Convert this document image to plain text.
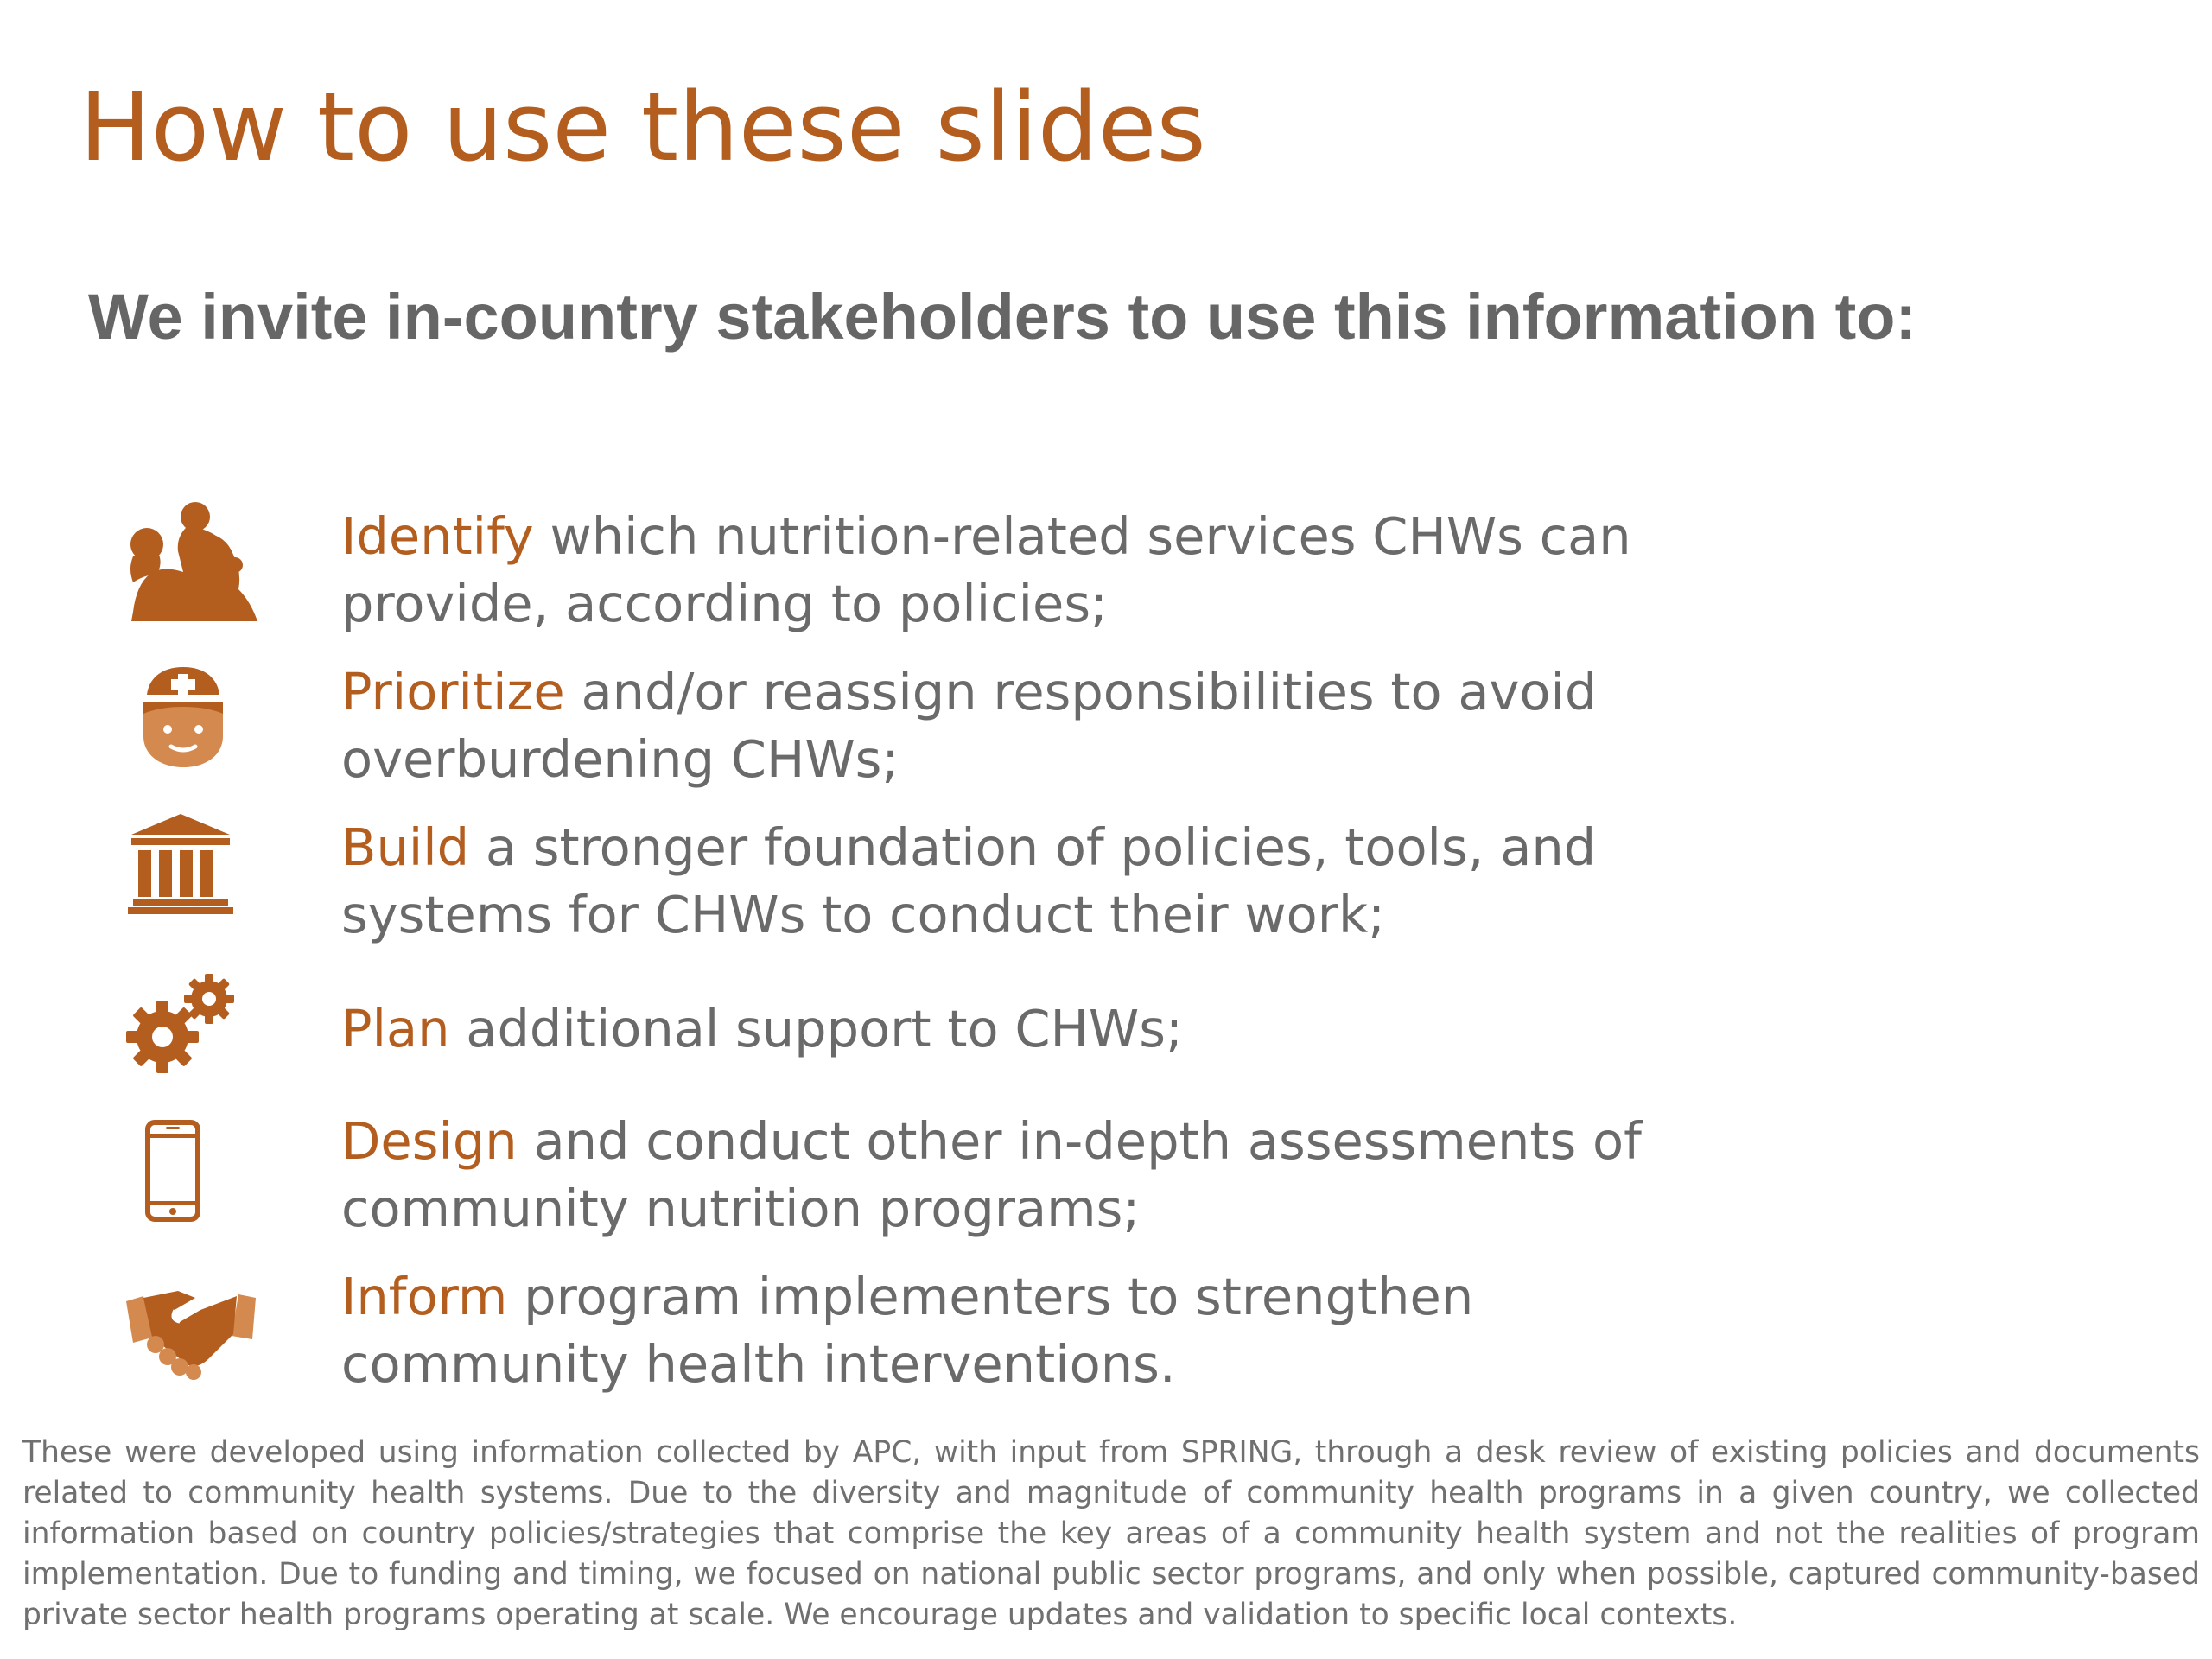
How to use these slides
We invite in-country stakeholders to use this information to:

Identify which nutrition-related services CHWs can provide, according to policies;

Prioritize and/or reassign responsibilities to avoid overburdening CHWs;

Build a stronger foundation of policies, tools, and systems for CHWs to conduct their work;

Plan additional support to CHWs;

Design and conduct other in-depth assessments of community nutrition programs;

Inform program implementers to strengthen community health interventions.

These were developed using information collected by APC, with input from SPRING, through a desk review of existing policies and documents related to community health systems. Due to the diversity and magnitude of community health programs in a given country, we collected information based on country policies/strategies that comprise the key areas of a community health system and not the realities of program implementation. Due to funding and timing, we focused on national public sector programs, and only when possible, captured community-based private sector health programs operating at scale. We encourage updates and validation to specific local contexts.
